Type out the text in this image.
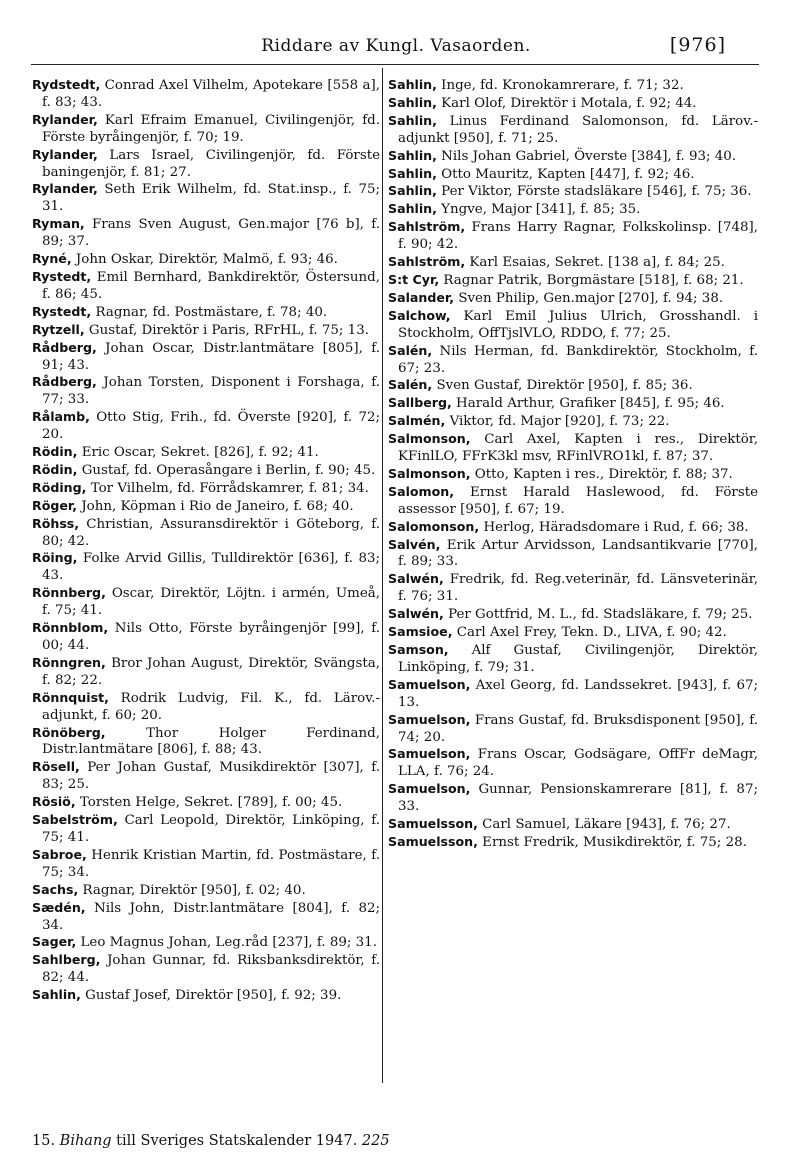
Riddare av Kungl. Vasaorden.	[976]
Rydstedt, Conrad Axel Vilhelm, Apotekare [558 a], f. 83; 43.
Rylander, Karl Efraim Emanuel, Civilingenjör, fd. Förste byråingenjör, f. 70; 19.
Rylander, Lars Israel, Civilingenjör, fd. Förste baningenjör, f. 81; 27.
Rylander, Seth Erik Wilhelm, fd. Stat.insp., f. 75; 31.
Ryman, Frans Sven August, Gen.major [76 b], f. 89; 37.
Ryné, John Oskar, Direktör, Malmö, f. 93; 46.
Rystedt, Emil Bernhard, Bankdirektör, Östersund, f. 86; 45.
Rystedt, Ragnar, fd. Postmästare, f. 78; 40.
Rytzell, Gustaf, Direktör i Paris, RFrHL, f. 75; 13.
Rådberg, Johan Oscar, Distr.lantmätare [805], f. 91; 43.
Rådberg, Johan Torsten, Disponent i Forshaga, f. 77; 33.
Rålamb, Otto Stig, Frih., fd. Överste [920], f. 72; 20.
Rödin, Eric Oscar, Sekret. [826], f. 92; 41.
Rödin, Gustaf, fd. Operasångare i Berlin, f. 90; 45.
Röding, Tor Vilhelm, fd. Förrådskamrer, f. 81; 34.
Röger, John, Köpman i Rio de Janeiro, f. 68; 40.
Röhss, Christian, Assuransdirektör i Göteborg, f. 80; 42.
Röing, Folke Arvid Gillis, Tulldirektör [636], f. 83; 43.
Rönnberg, Oscar, Direktör, Löjtn. i armén, Umeå, f. 75; 41.
Rönnblom, Nils Otto, Förste byråingenjör [99], f. 00; 44.
Rönngren, Bror Johan August, Direktör, Svängsta, f. 82; 22.
Rönnquist, Rodrik Ludvig, Fil. K., fd. Lärov.-adjunkt, f. 60; 20.
Rönöberg, Thor Holger Ferdinand, Distr.lantmätare [806], f. 88; 43.
Rösell, Per Johan Gustaf, Musikdirektör [307], f. 83; 25.
Rösiö, Torsten Helge, Sekret. [789], f. 00; 45.
Sabelström, Carl Leopold, Direktör, Linköping, f. 75; 41.
Sabroe, Henrik Kristian Martin, fd. Postmästare, f. 75; 34.
Sachs, Ragnar, Direktör [950], f. 02; 40.
Sædén, Nils John, Distr.lantmätare [804], f. 82; 34.
Sager, Leo Magnus Johan, Leg.råd [237], f. 89; 31.
Sahlberg, Johan Gunnar, fd. Riksbanksdirektör, f. 82; 44.
Sahlin, Gustaf Josef, Direktör [950], f. 92; 39.
Sahlin, Inge, fd. Kronokamrerare, f. 71; 32.
Sahlin, Karl Olof, Direktör i Motala, f. 92; 44.
Sahlin, Linus Ferdinand Salomonson, fd. Lärov.-adjunkt [950], f. 71; 25.
Sahlin, Nils Johan Gabriel, Överste [384], f. 93; 40.
Sahlin, Otto Mauritz, Kapten [447], f. 92; 46.
Sahlin, Per Viktor, Förste stadsläkare [546], f. 75; 36.
Sahlin, Yngve, Major [341], f. 85; 35.
Sahlström, Frans Harry Ragnar, Folkskolinsp. [748], f. 90; 42.
Sahlström, Karl Esaias, Sekret. [138 a], f. 84; 25.
S:t Cyr, Ragnar Patrik, Borgmästare [518], f. 68; 21.
Salander, Sven Philip, Gen.major [270], f. 94; 38.
Salchow, Karl Emil Julius Ulrich, Grosshandl. i Stockholm, OffTjslVLO, RDDO, f. 77; 25.
Salén, Nils Herman, fd. Bankdirektör, Stockholm, f. 67; 23.
Salén, Sven Gustaf, Direktör [950], f. 85; 36.
Sallberg, Harald Arthur, Grafiker [845], f. 95; 46.
Salmén, Viktor, fd. Major [920], f. 73; 22.
Salmonson, Carl Axel, Kapten i res., Direktör, KFinlLO, FFrK3kl msv, RFinlVRO1kl, f. 87; 37.
Salmonson, Otto, Kapten i res., Direktör, f. 88; 37.
Salomon, Ernst Harald Haslewood, fd. Förste assessor [950], f. 67; 19.
Salomonson, Herlog, Häradsdomare i Rud, f. 66; 38.
Salvén, Erik Artur Arvidsson, Landsantikvarie [770], f. 89; 33.
Salwén, Fredrik, fd. Reg.veterinär, fd. Länsveterinär, f. 76; 31.
Salwén, Per Gottfrid, M. L., fd. Stadsläkare, f. 79; 25.
Samsioe, Carl Axel Frey, Tekn. D., LIVA, f. 90; 42.
Samson, Alf Gustaf, Civilingenjör, Direktör, Linköping, f. 79; 31.
Samuelson, Axel Georg, fd. Landssekret. [943], f. 67; 13.
Samuelson, Frans Gustaf, fd. Bruksdisponent [950], f. 74; 20.
Samuelson, Frans Oscar, Godsägare, OffFr deMagr, LLA, f. 76; 24.
Samuelson, Gunnar, Pensionskamrerare [81], f. 87; 33.
Samuelsson, Carl Samuel, Läkare [943], f. 76; 27.
Samuelsson, Ernst Fredrik, Musikdirektör, f. 75; 28.
15. Bihang till Sveriges Statskalender 1947. 225
